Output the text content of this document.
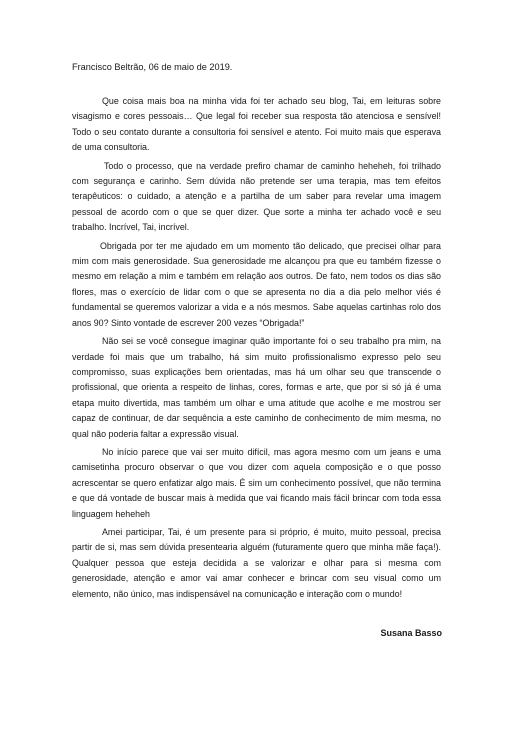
Francisco Beltrão, 06 de maio de 2019.

Que coisa mais boa na minha vida foi ter achado seu blog, Tai, em leituras sobre visagismo e cores pessoais… Que legal foi receber sua resposta tão atenciosa e sensível! Todo o seu contato durante a consultoria foi sensível e atento. Foi muito mais que esperava de uma consultoria.

Todo o processo, que na verdade prefiro chamar de caminho heheheh, foi trilhado com segurança e carinho. Sem dúvida não pretende ser uma terapia, mas tem efeitos terapêuticos: o cuidado, a atenção e a partilha de um saber para revelar uma imagem pessoal de acordo com o que se quer dizer. Que sorte a minha ter achado você e seu trabalho. Incrível, Tai, incrível.

Obrigada por ter me ajudado em um momento tão delicado, que precisei olhar para mim com mais generosidade. Sua generosidade me alcançou pra que eu também fizesse o mesmo em relação a mim e também em relação aos outros. De fato, nem todos os dias são flores, mas o exercício de lidar com o que se apresenta no dia a dia pelo melhor viés é fundamental se queremos valorizar a vida e a nós mesmos. Sabe aquelas cartinhas rolo dos anos 90? Sinto vontade de escrever 200 vezes “Obrigada!”

Não sei se você consegue imaginar quão importante foi o seu trabalho pra mim, na verdade foi mais que um trabalho, há sim muito profissionalismo expresso pelo seu compromisso, suas explicações bem orientadas, mas há um olhar seu que transcende o profissional, que orienta a respeito de linhas, cores, formas e arte, que por si só já é uma etapa muito divertida, mas também um olhar e uma atitude que acolhe e me mostrou ser capaz de continuar, de dar sequência a este caminho de conhecimento de mim mesma, no qual não poderia faltar a expressão visual.

No início parece que vai ser muito difícil, mas agora mesmo com um jeans e uma camisetinha procuro observar o que vou dizer com aquela composição e o que posso acrescentar se quero enfatizar algo mais. É sim um conhecimento possível, que não termina e que dá vontade de buscar mais à medida que vai ficando mais fácil brincar com toda essa linguagem heheheh

Amei participar, Tai, é um presente para si próprio, é muito, muito pessoal, precisa partir de si, mas sem dúvida presentearia alguém (futuramente quero que minha mãe faça!). Qualquer pessoa que esteja decidida a se valorizar e olhar para si mesma com generosidade, atenção e amor vai amar conhecer e brincar com seu visual como um elemento, não único, mas indispensável na comunicação e interação com o mundo!

Susana Basso
